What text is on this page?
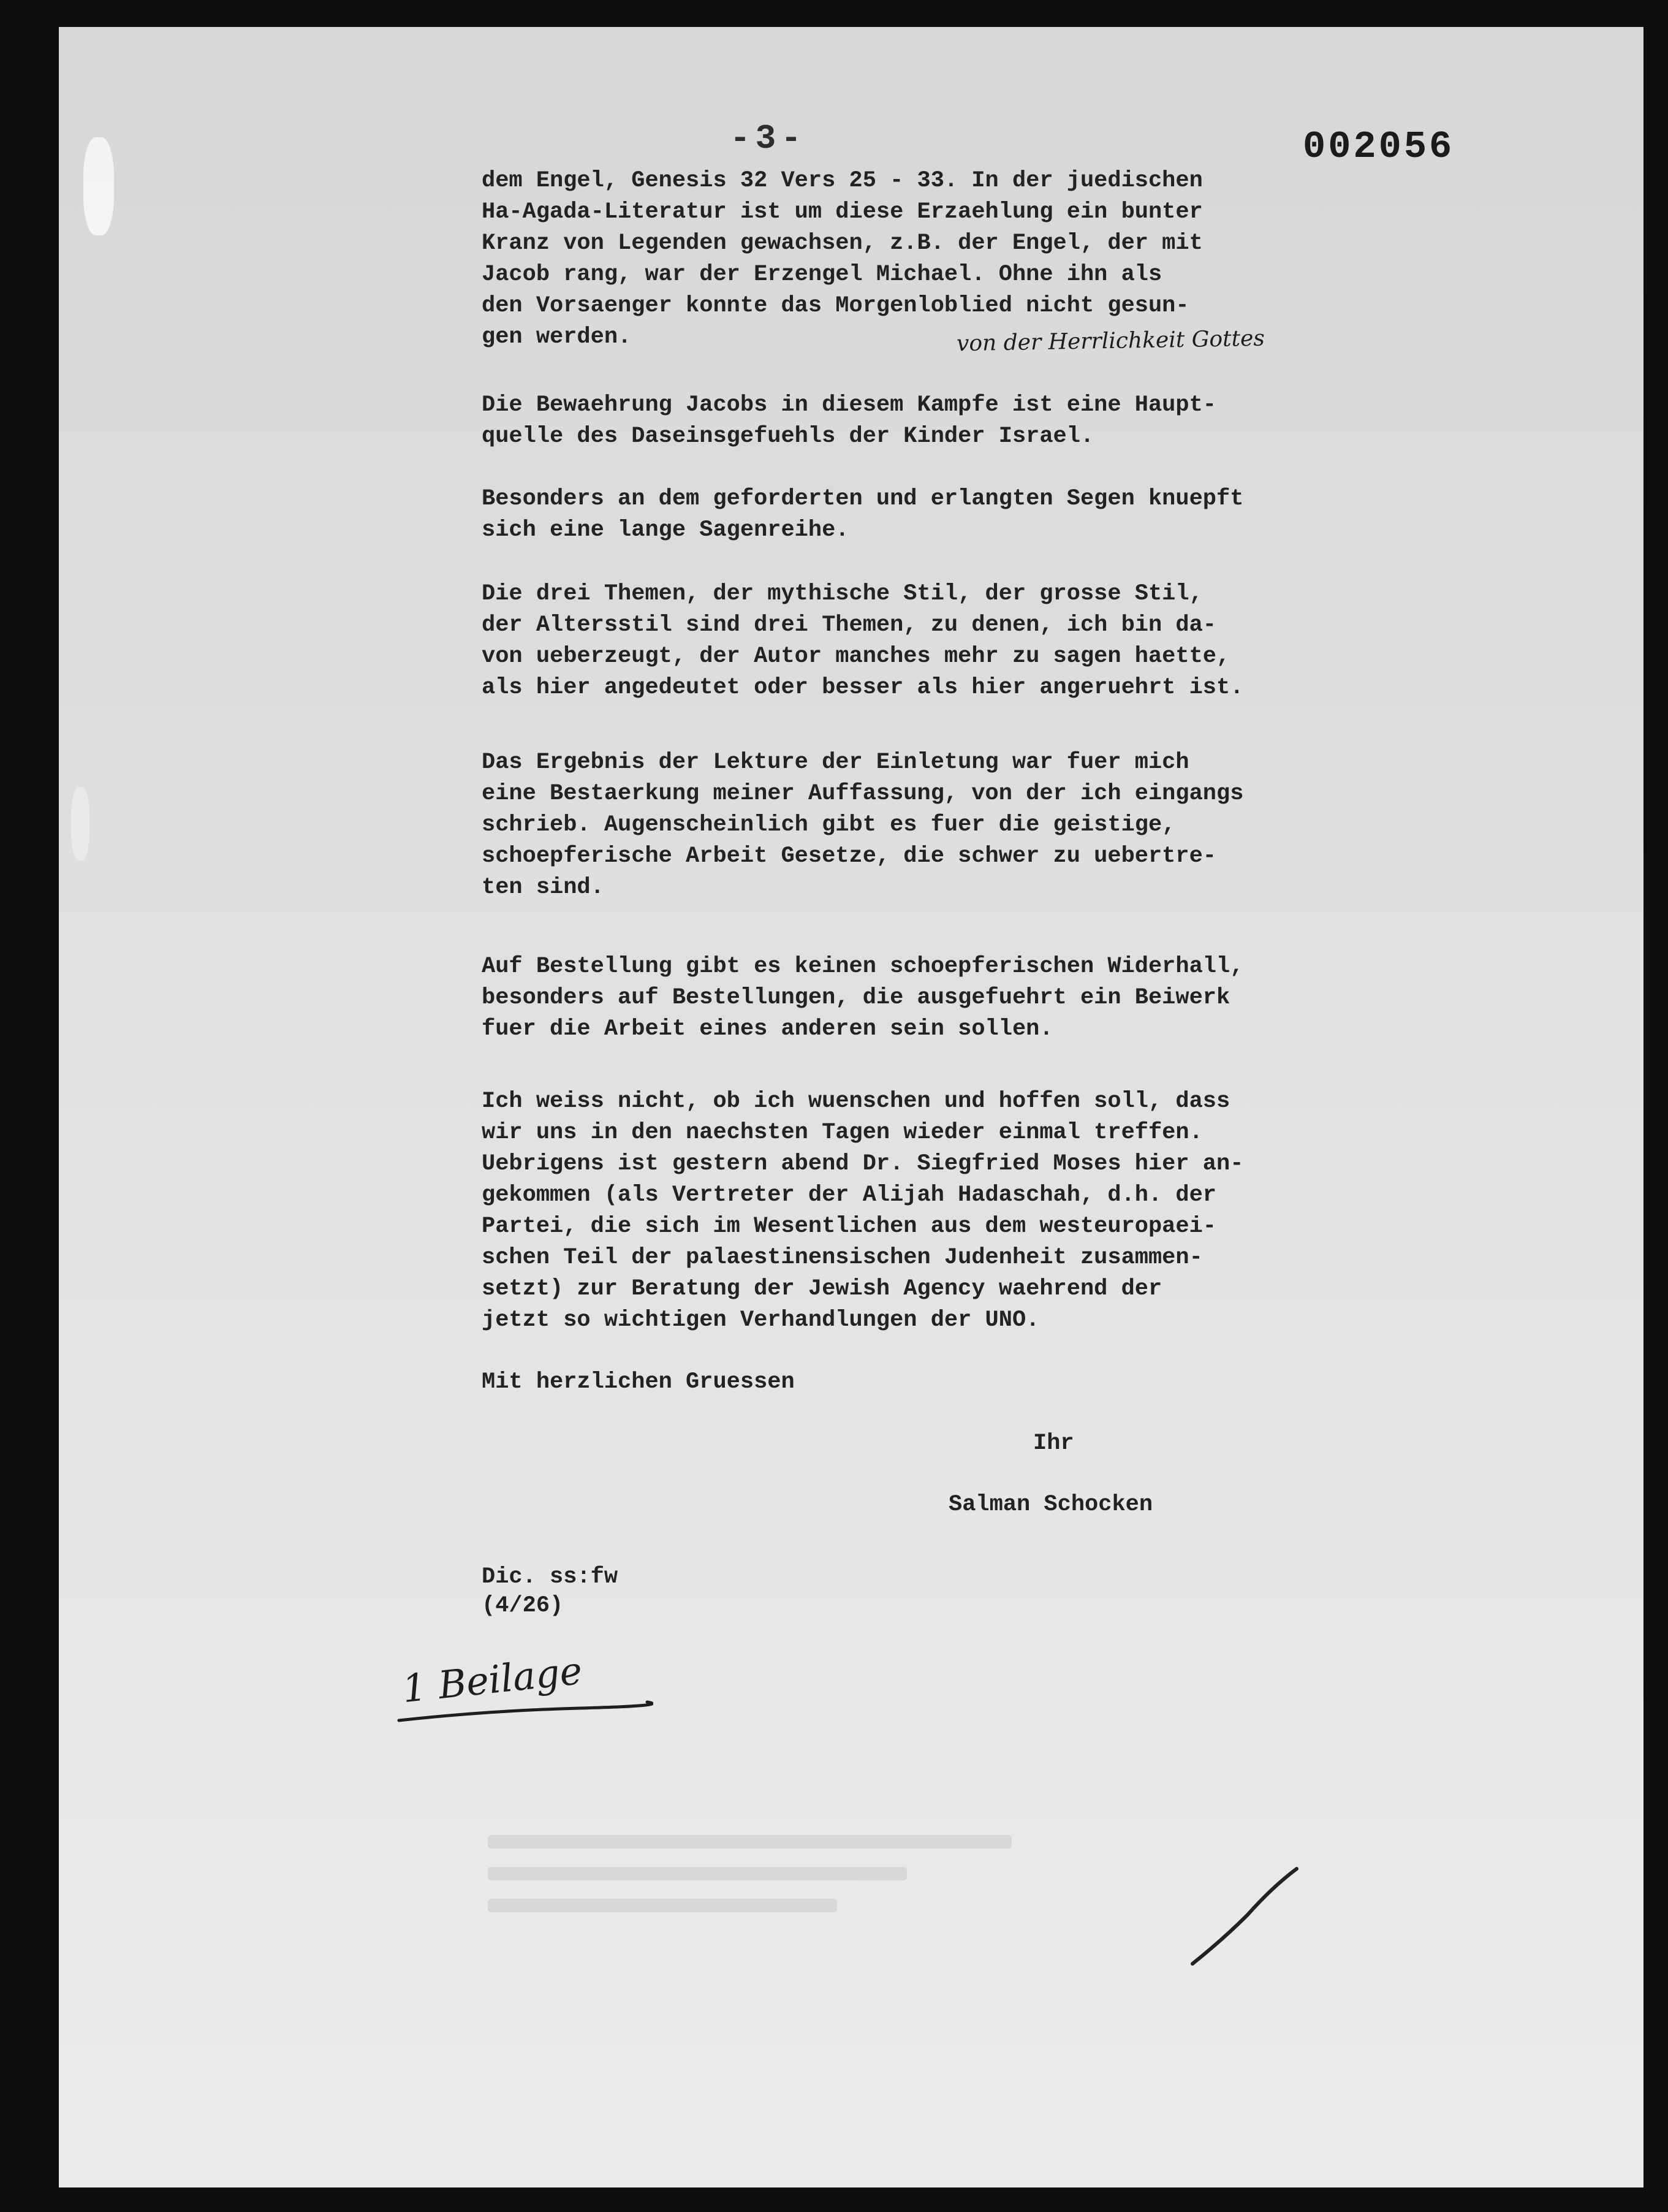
-3-	002056

dem Engel, Genesis 32 Vers 25 - 33. In der juedischen
Ha-Agada-Literatur ist um diese Erzaehlung ein bunter
Kranz von Legenden gewachsen, z.B. der Engel, der mit
Jacob rang, war der Erzengel Michael. Ohne ihn als
den Vorsaenger konnte das Morgenloblied nicht gesun-
gen werden.	von der Herrlichkeit Gottes

Die Bewaehrung Jacobs in diesem Kampfe ist eine Haupt-
quelle des Daseinsgefuehls der Kinder Israel.

Besonders an dem geforderten und erlangten Segen knuepft
sich eine lange Sagenreihe.

Die drei Themen, der mythische Stil, der grosse Stil,
der Altersstil sind drei Themen, zu denen, ich bin da-
von ueberzeugt, der Autor manches mehr zu sagen haette,
als hier angedeutet oder besser als hier angeruehrt ist.

Das Ergebnis der Lekture der Einletung war fuer mich
eine Bestaerkung meiner Auffassung, von der ich eingangs
schrieb. Augenscheinlich gibt es fuer die geistige,
schoepferische Arbeit Gesetze, die schwer zu uebertre-
ten sind.

Auf Bestellung gibt es keinen schoepferischen Widerhall,
besonders auf Bestellungen, die ausgefuehrt ein Beiwerk
fuer die Arbeit eines anderen sein sollen.

Ich weiss nicht, ob ich wuenschen und hoffen soll, dass
wir uns in den naechsten Tagen wieder einmal treffen.
Uebrigens ist gestern abend Dr. Siegfried Moses hier an-
gekommen (als Vertreter der Alijah Hadaschah, d.h. der
Partei, die sich im Wesentlichen aus dem westeuropaei-
schen Teil der palaestinensischen Judenheit zusammen-
setzt) zur Beratung der Jewish Agency waehrend der
jetzt so wichtigen Verhandlungen der UNO.

Mit herzlichen Gruessen
Ihr
Salman Schocken
Dic. ss:fw
(4/26)
1 Beilage
